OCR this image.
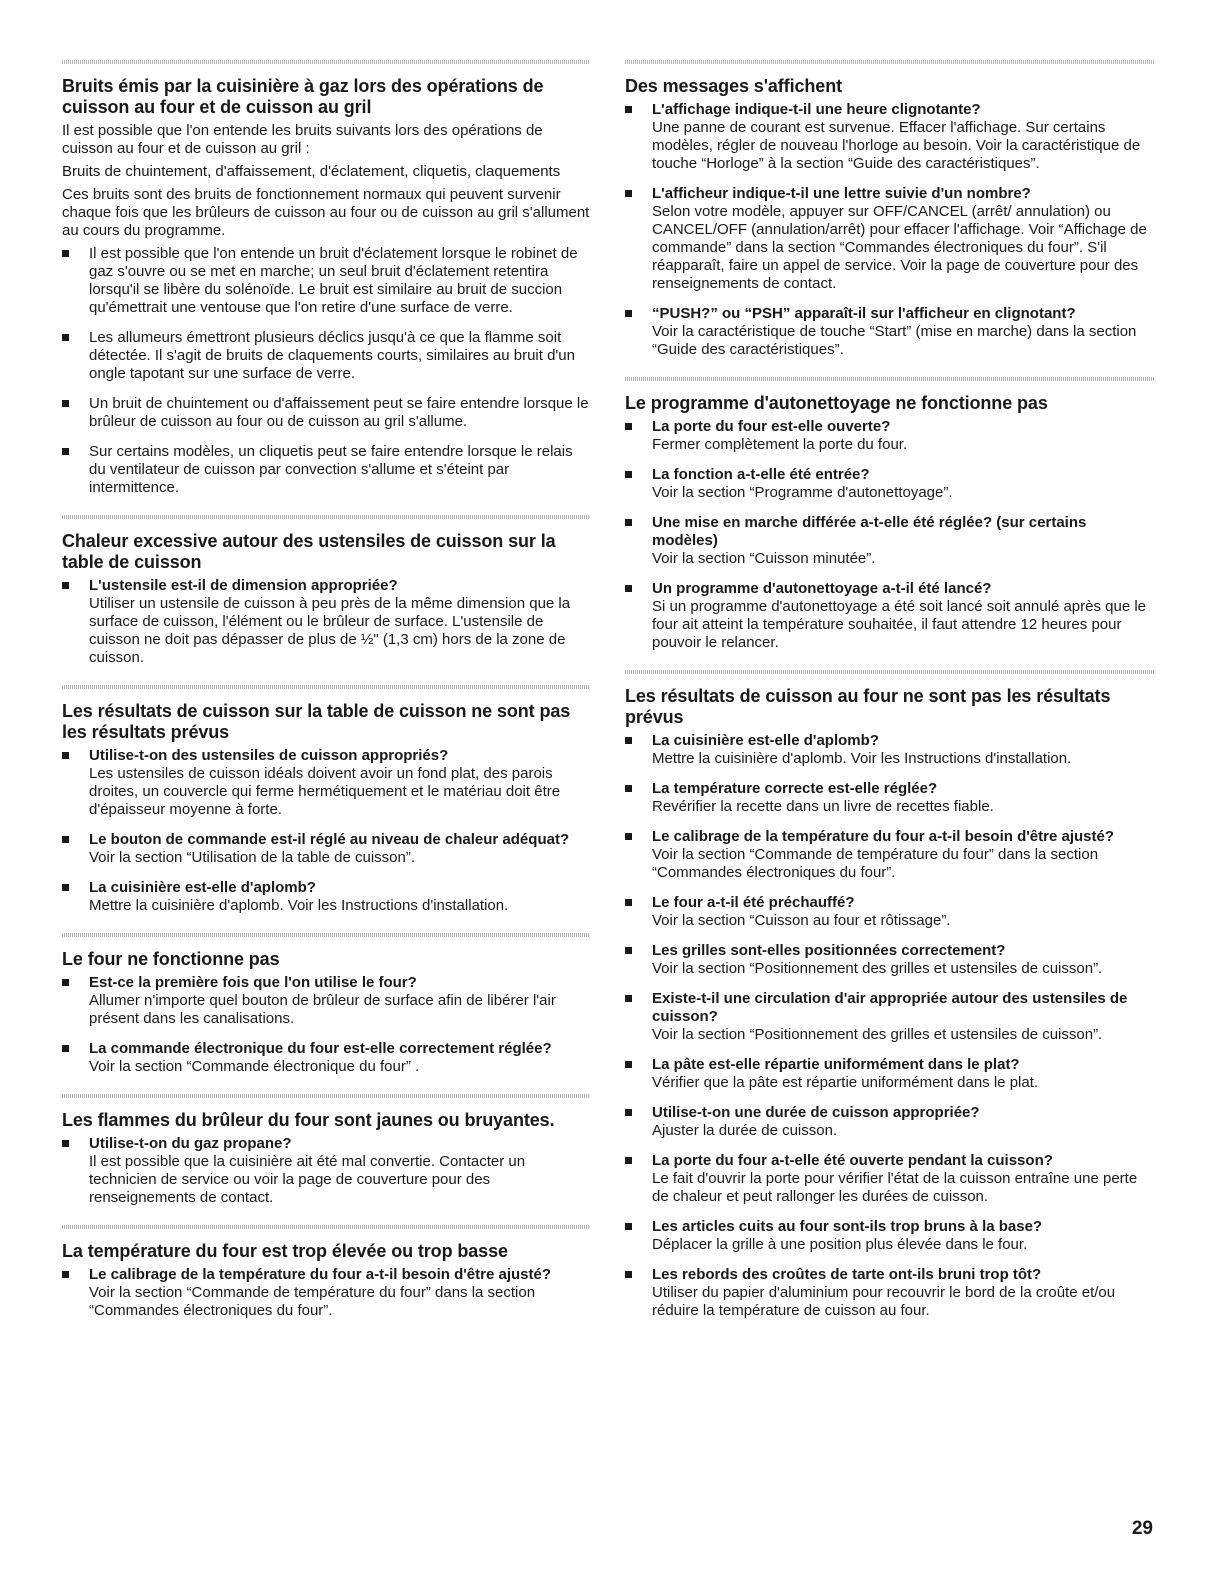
Bruits émis par la cuisinière à gaz lors des opérations de cuisson au four et de cuisson au gril

Il est possible que l'on entende les bruits suivants lors des opérations de cuisson au four et de cuisson au gril :

Bruits de chuintement, d'affaissement, d'éclatement, cliquetis, claquements

Ces bruits sont des bruits de fonctionnement normaux qui peuvent survenir chaque fois que les brûleurs de cuisson au four ou de cuisson au gril s'allument au cours du programme.

Il est possible que l'on entende un bruit d'éclatement lorsque le robinet de gaz s'ouvre ou se met en marche; un seul bruit d'éclatement retentira lorsqu'il se libère du solénoïde. Le bruit est similaire au bruit de succion qu'émettrait une ventouse que l'on retire d'une surface de verre.
Les allumeurs émettront plusieurs déclics jusqu'à ce que la flamme soit détectée. Il s'agit de bruits de claquements courts, similaires au bruit d'un ongle tapotant sur une surface de verre.
Un bruit de chuintement ou d'affaissement peut se faire entendre lorsque le brûleur de cuisson au four ou de cuisson au gril s'allume.
Sur certains modèles, un cliquetis peut se faire entendre lorsque le relais du ventilateur de cuisson par convection s'allume et s'éteint par intermittence.
Chaleur excessive autour des ustensiles de cuisson sur la table de cuisson
L'ustensile est-il de dimension appropriée?
Utiliser un ustensile de cuisson à peu près de la même dimension que la surface de cuisson, l'élément ou le brûleur de surface. L'ustensile de cuisson ne doit pas dépasser de plus de ½" (1,3 cm) hors de la zone de cuisson.
Les résultats de cuisson sur la table de cuisson ne sont pas les résultats prévus
Utilise-t-on des ustensiles de cuisson appropriés?
Les ustensiles de cuisson idéals doivent avoir un fond plat, des parois droites, un couvercle qui ferme hermétiquement et le matériau doit être d'épaisseur moyenne à forte.
Le bouton de commande est-il réglé au niveau de chaleur adéquat?
Voir la section “Utilisation de la table de cuisson”.
La cuisinière est-elle d'aplomb?
Mettre la cuisinière d'aplomb. Voir les Instructions d'installation.
Le four ne fonctionne pas
Est-ce la première fois que l'on utilise le four?
Allumer n'importe quel bouton de brûleur de surface afin de libérer l'air présent dans les canalisations.
La commande électronique du four est-elle correctement réglée?
Voir la section “Commande électronique du four” .
Les flammes du brûleur du four sont jaunes ou bruyantes.
Utilise-t-on du gaz propane?
Il est possible que la cuisinière ait été mal convertie. Contacter un technicien de service ou voir la page de couverture pour des renseignements de contact.
La température du four est trop élevée ou trop basse
Le calibrage de la température du four a-t-il besoin d'être ajusté?
Voir la section “Commande de température du four” dans la section “Commandes électroniques du four”.
Des messages s'affichent
L'affichage indique-t-il une heure clignotante?
Une panne de courant est survenue. Effacer l'affichage. Sur certains modèles, régler de nouveau l'horloge au besoin. Voir la caractéristique de touche “Horloge” à la section “Guide des caractéristiques”.
L'afficheur indique-t-il une lettre suivie d'un nombre?
Selon votre modèle, appuyer sur OFF/CANCEL (arrêt/ annulation) ou CANCEL/OFF (annulation/arrêt) pour effacer l'affichage. Voir “Affichage de commande” dans la section “Commandes électroniques du four”. S'il réapparaît, faire un appel de service. Voir la page de couverture pour des renseignements de contact.
“PUSH?” ou “PSH” apparaît-il sur l'afficheur en clignotant?
Voir la caractéristique de touche “Start” (mise en marche) dans la section “Guide des caractéristiques”.
Le programme d'autonettoyage ne fonctionne pas
La porte du four est-elle ouverte?
Fermer complètement la porte du four.
La fonction a-t-elle été entrée?
Voir la section “Programme d'autonettoyage”.
Une mise en marche différée a-t-elle été réglée? (sur certains modèles)
Voir la section “Cuisson minutée”.
Un programme d'autonettoyage a-t-il été lancé?
Si un programme d'autonettoyage a été soit lancé soit annulé après que le four ait atteint la température souhaitée, il faut attendre 12 heures pour pouvoir le relancer.
Les résultats de cuisson au four ne sont pas les résultats prévus
La cuisinière est-elle d'aplomb?
Mettre la cuisinière d'aplomb. Voir les Instructions d'installation.
La température correcte est-elle réglée?
Revérifier la recette dans un livre de recettes fiable.
Le calibrage de la température du four a-t-il besoin d'être ajusté?
Voir la section “Commande de température du four” dans la section “Commandes électroniques du four”.
Le four a-t-il été préchauffé?
Voir la section “Cuisson au four et rôtissage”.
Les grilles sont-elles positionnées correctement?
Voir la section “Positionnement des grilles et ustensiles de cuisson”.
Existe-t-il une circulation d'air appropriée autour des ustensiles de cuisson?
Voir la section “Positionnement des grilles et ustensiles de cuisson”.
La pâte est-elle répartie uniformément dans le plat?
Vérifier que la pâte est répartie uniformément dans le plat.
Utilise-t-on une durée de cuisson appropriée?
Ajuster la durée de cuisson.
La porte du four a-t-elle été ouverte pendant la cuisson?
Le fait d'ouvrir la porte pour vérifier l'état de la cuisson entraîne une perte de chaleur et peut rallonger les durées de cuisson.
Les articles cuits au four sont-ils trop bruns à la base?
Déplacer la grille à une position plus élevée dans le four.
Les rebords des croûtes de tarte ont-ils bruni trop tôt?
Utiliser du papier d'aluminium pour recouvrir le bord de la croûte et/ou réduire la température de cuisson au four.
29
